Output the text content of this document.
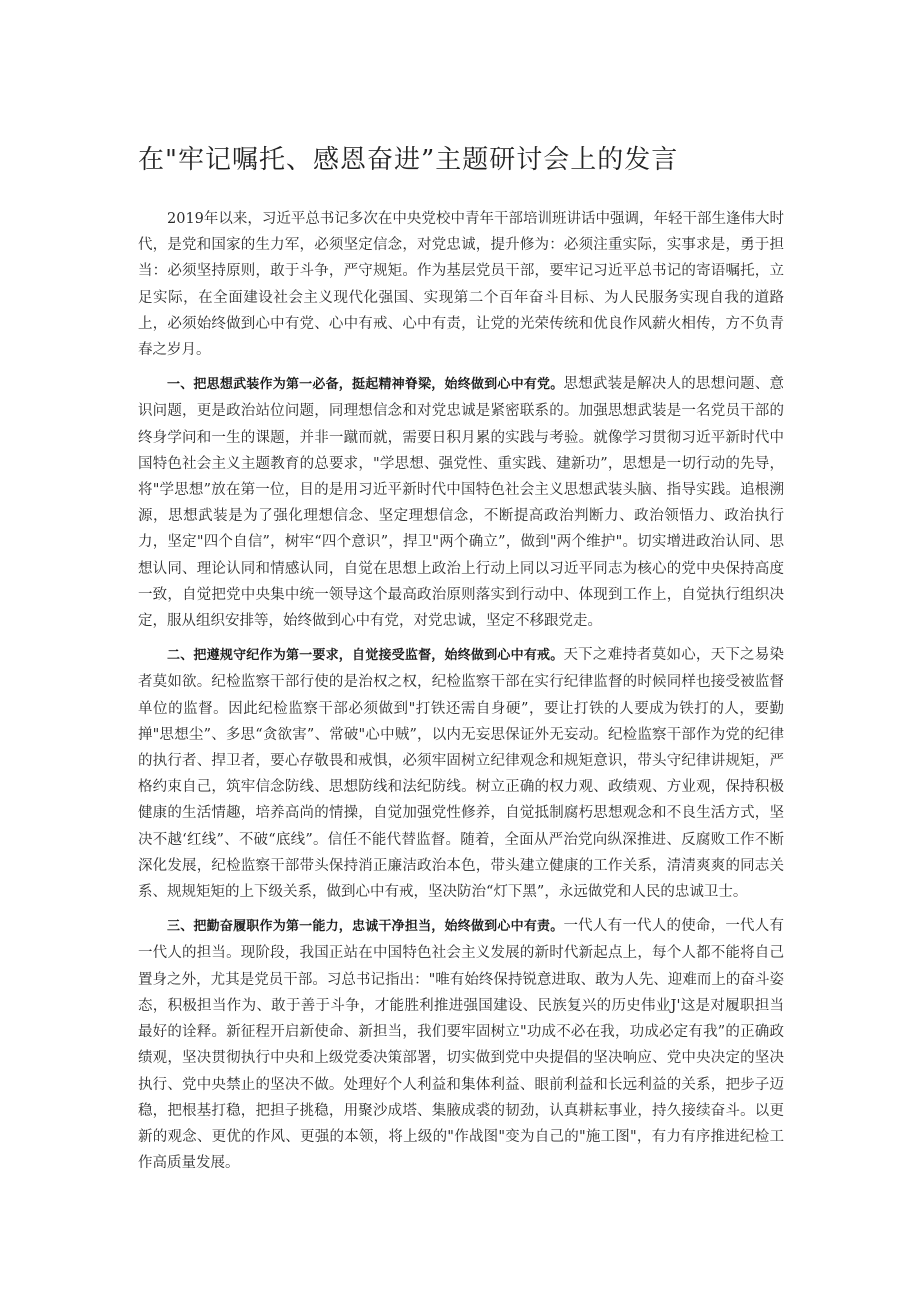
在"牢记嘱托、感恩奋进”主题研讨会上的发言

2019年以来，习近平总书记多次在中央党校中青年干部培训班讲话中强调，年轻干部生逢伟大时代，是党和国家的生力军，必须坚定信念，对党忠诚，提升修为：必须注重实际，实事求是，勇于担当：必须坚持原则，敢于斗争，严守规矩。作为基层党员干部，要牢记习近平总书记的寄语嘱托，立足实际，在全面建设社会主义现代化强国、实现第二个百年奋斗目标、为人民服务实现自我的道路上，必须始终做到心中有党、心中有戒、心中有责，让党的光荣传统和优良作风薪火相传，方不负青春之岁月。

一、把思想武装作为第一必备，挺起精神脊梁，始终做到心中有党。思想武装是解决人的思想问题、意识问题，更是政治站位问题，同理想信念和对党忠诚是紧密联系的。加强思想武装是一名党员干部的终身学问和一生的课题，并非一蹴而就，需要日积月累的实践与考验。就像学习贯彻习近平新时代中国特色社会主义主题教育的总要求，"学思想、强党性、重实践、建新功”，思想是一切行动的先导，将"学思想”放在第一位，目的是用习近平新时代中国特色社会主义思想武装头脑、指导实践。追根溯源，思想武装是为了强化理想信念、坚定理想信念，不断提高政治判断力、政治领悟力、政治执行力，坚定"四个自信”，树牢“四个意识”，捍卫"两个确立”，做到"两个维护"。切实增进政治认同、思想认同、理论认同和情感认同，自觉在思想上政治上行动上同以习近平同志为核心的党中央保持高度一致，自觉把党中央集中统一领导这个最高政治原则落实到行动中、体现到工作上，自觉执行组织决定，服从组织安排等，始终做到心中有党，对党忠诚，坚定不移跟党走。

二、把遵规守纪作为第一要求，自觉接受监督，始终做到心中有戒。天下之难持者莫如心，天下之易染者莫如欲。纪检监察干部行使的是治权之权，纪检监察干部在实行纪律监督的时候同样也接受被监督单位的监督。因此纪检监察干部必须做到"打铁还需自身硬”，要让打铁的人要成为铁打的人，要勤掸"思想尘”、多思“贪欲害”、常破"心中贼”，以内无妄思保证外无妄动。纪检监察干部作为党的纪律的执行者、捍卫者，要心存敬畏和戒惧，必须牢固树立纪律观念和规矩意识，带头守纪律讲规矩，严格约束自己，筑牢信念防线、思想防线和法纪防线。树立正确的权力观、政绩观、方业观，保持积极健康的生活情趣，培养高尚的情操，自觉加强党性修养，自觉抵制腐朽思想观念和不良生活方式，坚决不越‘红线”、不破“底线”。信任不能代替监督。随着，全面从严治党向纵深推进、反腐败工作不断深化发展，纪检监察干部带头保持消正廉洁政治本色，带头建立健康的工作关系，清清爽爽的同志关系、规规矩矩的上下级关系，做到心中有戒，坚决防治“灯下黑”，永远做党和人民的忠诚卫士。

三、把勤奋履职作为第一能力，忠诚干净担当，始终做到心中有责。一代人有一代人的使命，一代人有一代人的担当。现阶段，我国正站在中国特色社会主义发展的新时代新起点上，每个人都不能将自己置身之外，尤其是党员干部。习总书记指出："唯有始终保持锐意进取、敢为人先、迎难而上的奋斗姿态，积极担当作为、敢于善于斗争，才能胜利推进强国建设、民族复兴的历史伟业J'这是对履职担当最好的诠释。新征程开启新使命、新担当，我们要牢固树立"功成不必在我，功成必定有我”的正确政绩观，坚决贯彻执行中央和上级党委决策部署，切实做到党中央提倡的坚决响应、党中央决定的坚决执行、党中央禁止的坚决不做。处理好个人利益和集体利益、眼前利益和长远利益的关系，把步子迈稳，把根基打稳，把担子挑稳，用聚沙成塔、集腋成裘的韧劲，认真耕耘事业，持久接续奋斗。以更新的观念、更优的作风、更强的本领，将上级的"作战图"变为自己的"施工图"，有力有序推进纪检工作高质量发展。
